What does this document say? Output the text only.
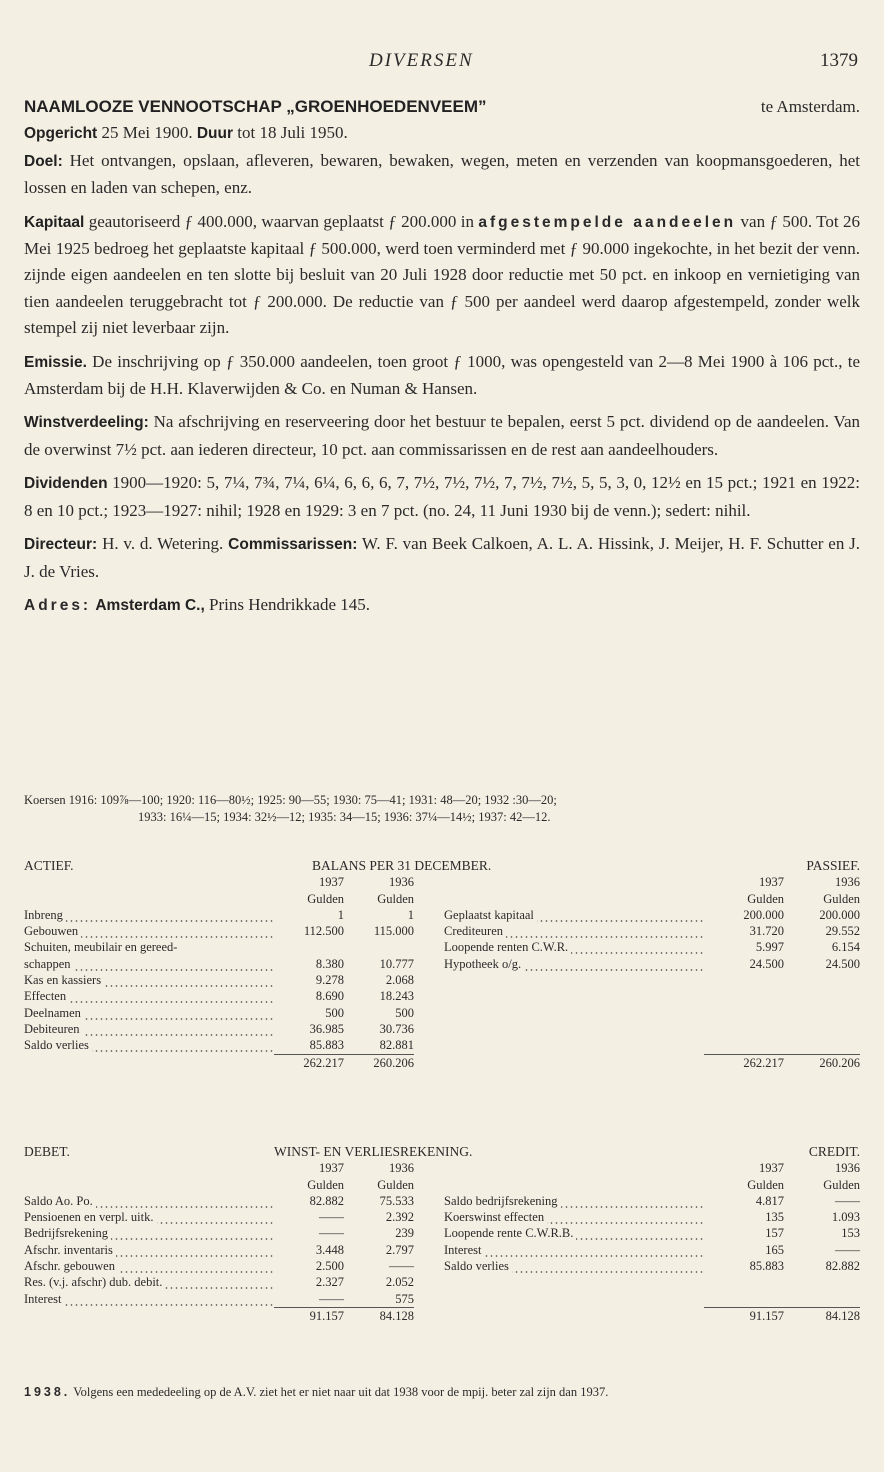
DIVERSEN	1379

NAAMLOOZE VENNOOTSCHAP „GROENHOEDENVEEM”	te Amsterdam.

Opgericht 25 Mei 1900. Duur tot 18 Juli 1950.

Doel: Het ontvangen, opslaan, afleveren, bewaren, bewaken, wegen, meten en verzenden van koopmansgoederen, het lossen en laden van schepen, enz.

Kapitaal geautoriseerd ƒ 400.000, waarvan geplaatst ƒ 200.000 in afgestempelde aandeelen van ƒ 500. Tot 26 Mei 1925 bedroeg het geplaatste kapitaal ƒ 500.000, werd toen verminderd met ƒ 90.000 ingekochte, in het bezit der venn. zijnde eigen aandeelen en ten slotte bij besluit van 20 Juli 1928 door reductie met 50 pct. en inkoop en vernietiging van tien aandeelen teruggebracht tot ƒ 200.000. De reductie van ƒ 500 per aandeel werd daarop afgestempeld, zonder welk stempel zij niet leverbaar zijn.

Emissie. De inschrijving op ƒ 350.000 aandeelen, toen groot ƒ 1000, was opengesteld van 2—8 Mei 1900 à 106 pct., te Amsterdam bij de H.H. Klaverwijden & Co. en Numan & Hansen.

Winstverdeeling: Na afschrijving en reserveering door het bestuur te bepalen, eerst 5 pct. dividend op de aandeelen. Van de overwinst 7½ pct. aan iederen directeur, 10 pct. aan commissarissen en de rest aan aandeelhouders.

Dividenden 1900—1920: 5, 7¼, 7¾, 7¼, 6¼, 6, 6, 6, 7, 7½, 7½, 7½, 7, 7½, 7½, 5, 5, 3, 0, 12½ en 15 pct.; 1921 en 1922: 8 en 10 pct.; 1923—1927: nihil; 1928 en 1929: 3 en 7 pct. (no. 24, 11 Juni 1930 bij de venn.); sedert: nihil.

Directeur: H. v. d. Wetering. Commissarissen: W. F. van Beek Calkoen, A. L. A. Hissink, J. Meijer, H. F. Schutter en J. J. de Vries.

Adres: Amsterdam C., Prins Hendrikkade 145.

Koersen 1916: 109⅞—100; 1920: 116—80½; 1925: 90—55; 1930: 75—41; 1931: 48—20; 1932 :30—20;
1933: 16¼—15; 1934: 32½—12; 1935: 34—15; 1936: 37¼—14½; 1937: 42—12.
ACTIEF.	BALANS PER 31 DECEMBER.					PASSIEF.
	1937	1936			1937	1936
	Gulden	Gulden			Gulden	Gulden
Inbreng	1	1		Geplaatst kapitaal	200.000	200.000
Gebouwen	112.500	115.000		Crediteuren	31.720	29.552
Schuiten, meubilair en gereed-				Loopende renten C.W.R.	5.997	6.154
schappen	8.380	10.777		Hypotheek o/g.	24.500	24.500
Kas en kassiers	9.278	2.068				
Effecten	8.690	18.243				
Deelnamen	500	500				
Debiteuren	36.985	30.736				
Saldo verlies	85.883	82.881				
	262.217	260.206			262.217	260.206
DEBET.	WINST- EN VERLIESREKENING.					CREDIT.
	1937	1936			1937	1936
	Gulden	Gulden			Gulden	Gulden
Saldo Ao. Po.	82.882	75.533		Saldo bedrijfsrekening	4.817	——
Pensioenen en verpl. uitk.	——	2.392		Koerswinst effecten	135	1.093
Bedrijfsrekening	——	239		Loopende rente C.W.R.B.	157	153
Afschr. inventaris	3.448	2.797		Interest	165	——
Afschr. gebouwen	2.500	——		Saldo verlies	85.883	82.882
Res. (v.j. afschr) dub. debit.	2.327	2.052				
Interest	——	575				
	91.157	84.128			91.157	84.128
1938. Volgens een mededeeling op de A.V. ziet het er niet naar uit dat 1938 voor de mpij. beter zal zijn dan 1937.
